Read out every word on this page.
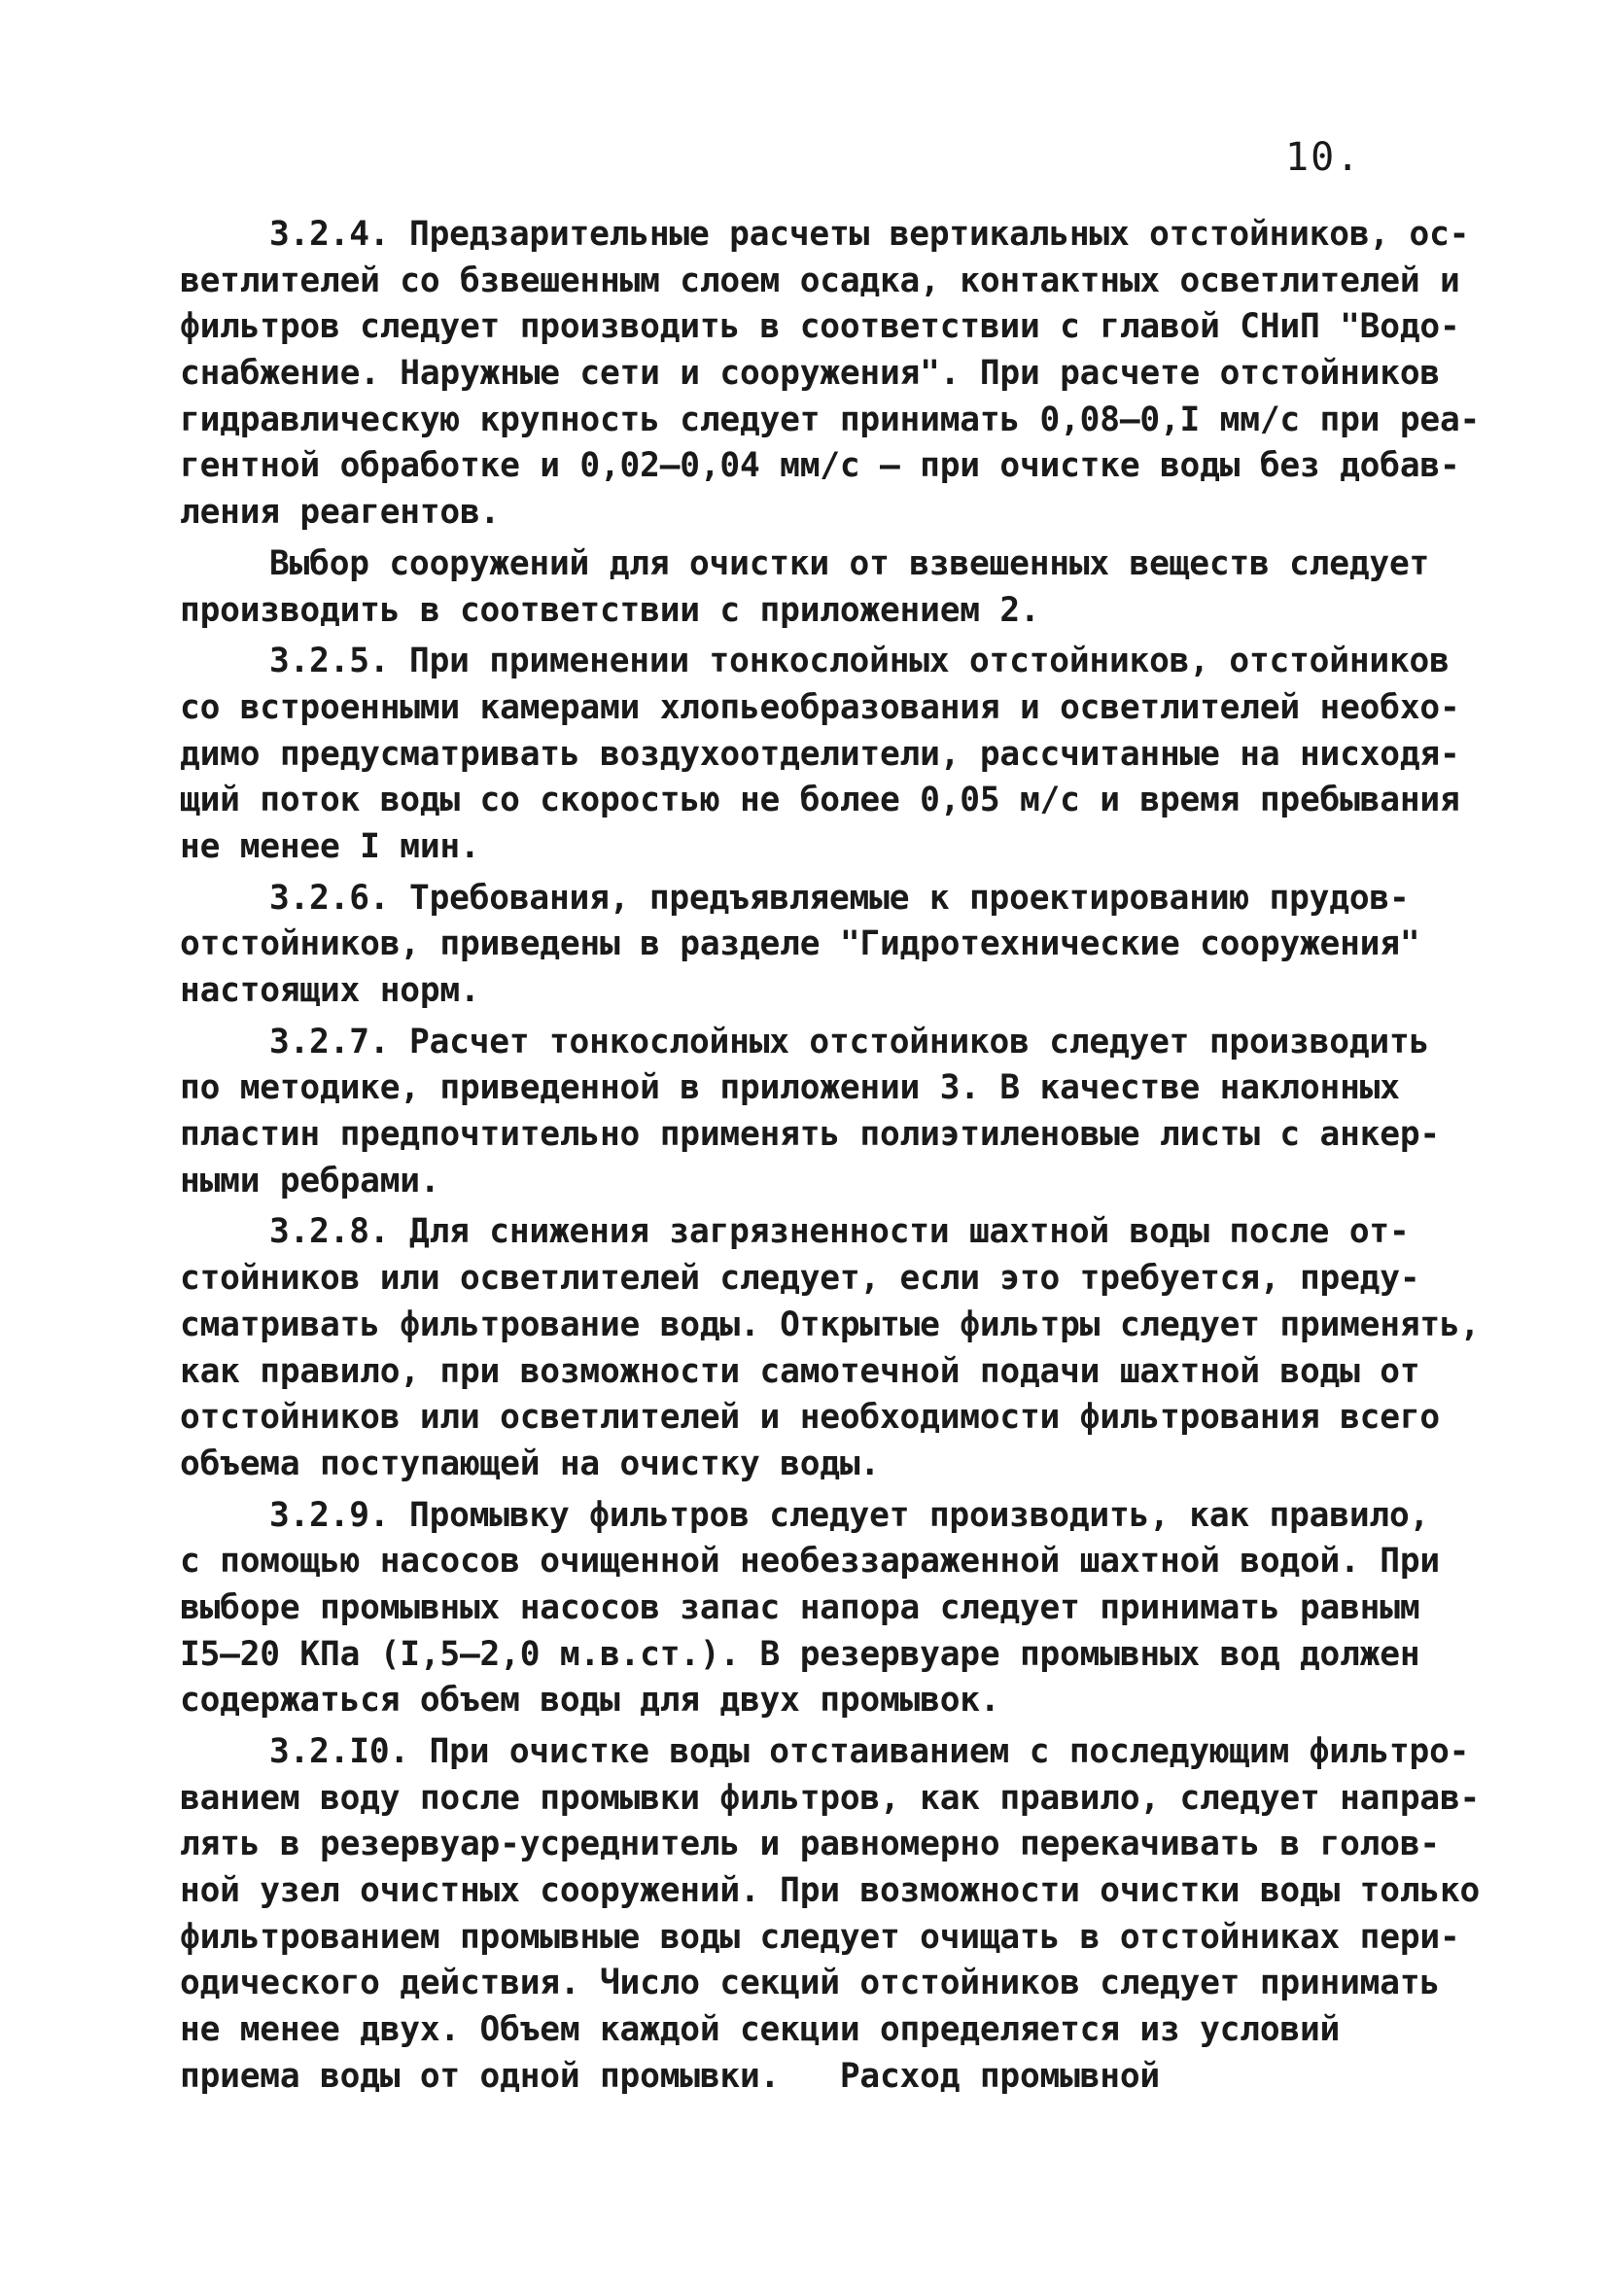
10.
3.2.4. Предзарительные расчеты вертикальных отстойников, ос-
ветлителей со бзвешенным слоем осадка, контактных осветлителей и
фильтров следует производить в соответствии с главой СНиП "Водо-
снабжение. Наружные сети и сооружения". При расчете отстойников
гидравлическую крупность следует принимать 0,08–0,I мм/с при реа-
гентной обработке и 0,02–0,04 мм/с – при очистке воды без добав-
ления реагентов.
Выбор сооружений для очистки от взвешенных веществ следует
производить в соответствии с приложением 2.
3.2.5. При применении тонкослойных отстойников, отстойников
со встроенными камерами хлопьеобразования и осветлителей необхо-
димо предусматривать воздухоотделители, рассчитанные на нисходя-
щий поток воды со скоростью не более 0,05 м/с и время пребывания
не менее I мин.
3.2.6. Требования, предъявляемые к проектированию прудов-
отстойников, приведены в разделе "Гидротехнические сооружения"
настоящих норм.
3.2.7. Расчет тонкослойных отстойников следует производить
по методике, приведенной в приложении 3. В качестве наклонных
пластин предпочтительно применять полиэтиленовые листы с анкер-
ными ребрами.
3.2.8. Для снижения загрязненности шахтной воды после от-
стойников или осветлителей следует, если это требуется, преду-
сматривать фильтрование воды. Открытые фильтры следует применять,
как правило, при возможности самотечной подачи шахтной воды от
отстойников или осветлителей и необходимости фильтрования всего
объема поступающей на очистку воды.
3.2.9. Промывку фильтров следует производить, как правило,
с помощью насосов очищенной необеззараженной шахтной водой. При
выборе промывных насосов запас напора следует принимать равным
I5–20 КПа (I,5–2,0 м.в.ст.). В резервуаре промывных вод должен
содержаться объем воды для двух промывок.
3.2.I0. При очистке воды отстаиванием с последующим фильтро-
ванием воду после промывки фильтров, как правило, следует направ-
лять в резервуар-усреднитель и равномерно перекачивать в голов-
ной узел очистных сооружений. При возможности очистки воды только
фильтрованием промывные воды следует очищать в отстойниках пери-
одического действия. Число секций отстойников следует принимать
не менее двух. Объем каждой секции определяется из условий
приема воды от одной промывки.   Расход промывной
